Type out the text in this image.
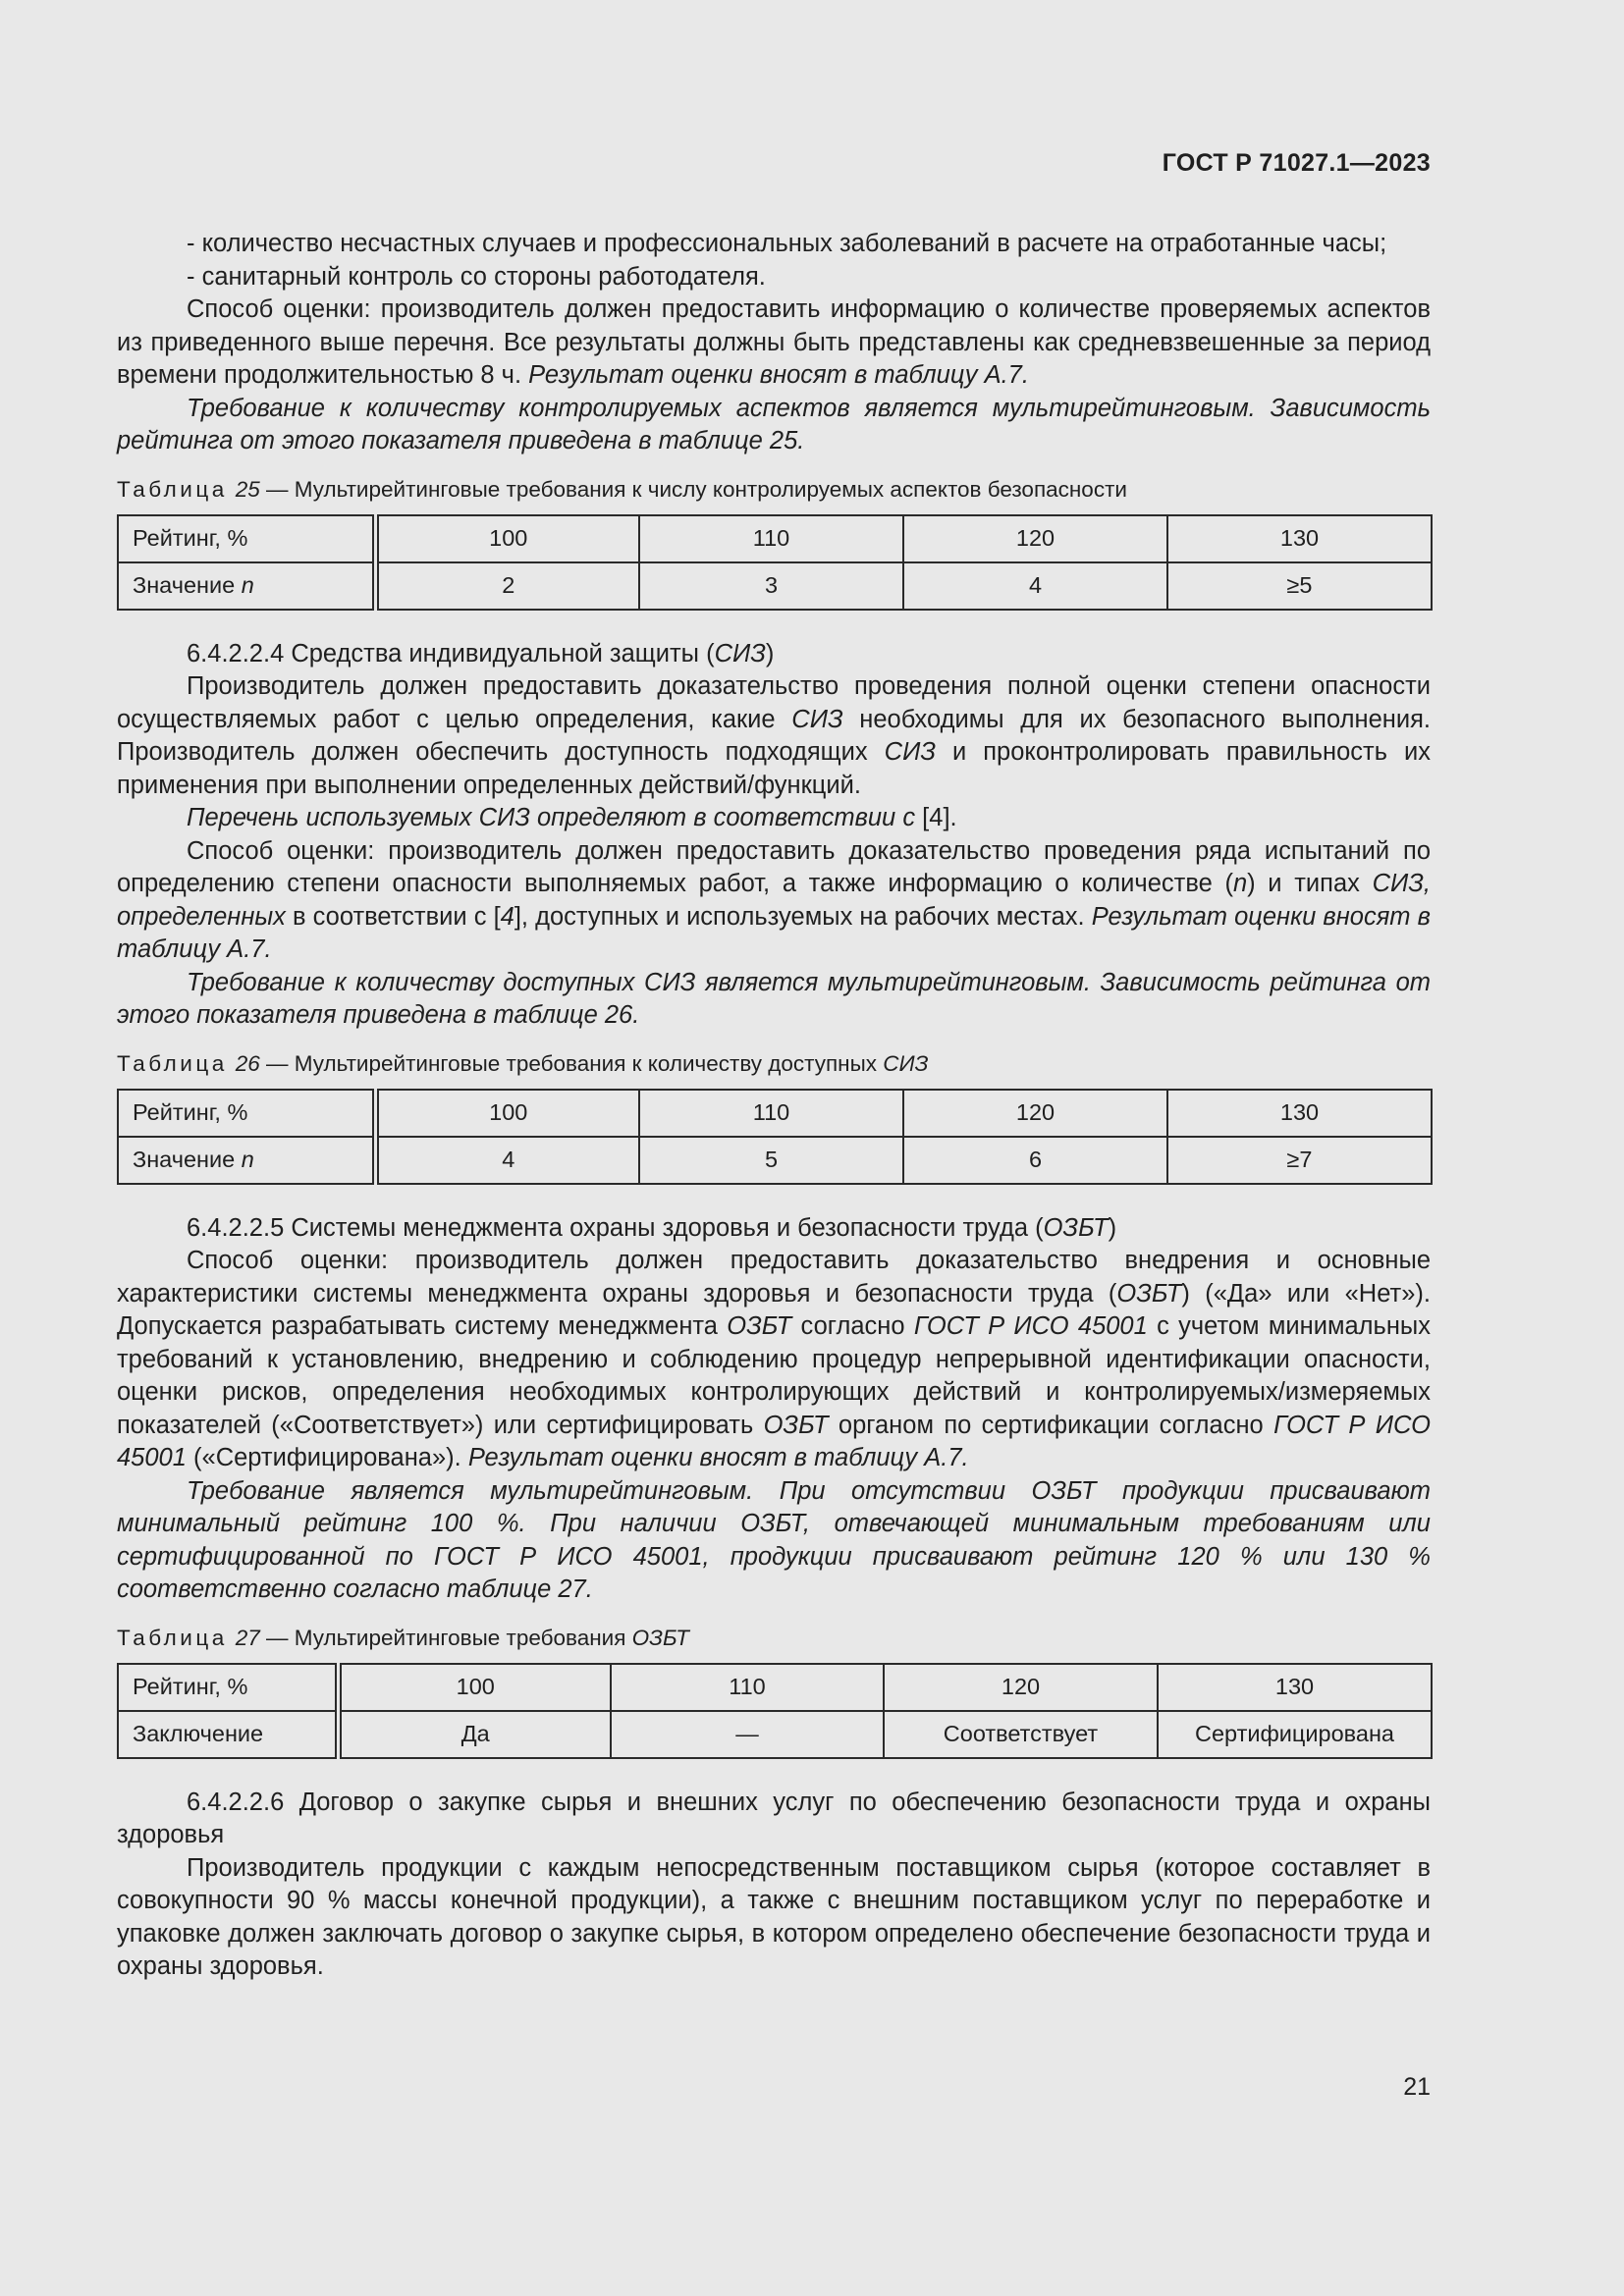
ГОСТ Р 71027.1—2023

- количество несчастных случаев и профессиональных заболеваний в расчете на отработанные часы;

- санитарный контроль со стороны работодателя.

Способ оценки: производитель должен предоставить информацию о количестве проверяемых аспектов из приведенного выше перечня. Все результаты должны быть представлены как средневзвешенные за период времени продолжительностью 8 ч. Результат оценки вносят в таблицу А.7.

Требование к количеству контролируемых аспектов является мультирейтинговым. Зависимость рейтинга от этого показателя приведена в таблице 25.

Таблица 25 — Мультирейтинговые требования к числу контролируемых аспектов безопасности

Рейтинг, %	100	110	120	130
Значение n	2	3	4	≥5

6.4.2.2.4 Средства индивидуальной защиты (СИЗ)

Производитель должен предоставить доказательство проведения полной оценки степени опасности осуществляемых работ с целью определения, какие СИЗ необходимы для их безопасного выполнения. Производитель должен обеспечить доступность подходящих СИЗ и проконтролировать правильность их применения при выполнении определенных действий/функций.

Перечень используемых СИЗ определяют в соответствии с [4].

Способ оценки: производитель должен предоставить доказательство проведения ряда испытаний по определению степени опасности выполняемых работ, а также информацию о количестве (n) и типах СИЗ, определенных в соответствии с [4], доступных и используемых на рабочих местах. Результат оценки вносят в таблицу А.7.

Требование к количеству доступных СИЗ является мультирейтинговым. Зависимость рейтинга от этого показателя приведена в таблице 26.

Таблица 26 — Мультирейтинговые требования к количеству доступных СИЗ

Рейтинг, %	100	110	120	130
Значение n	4	5	6	≥7

6.4.2.2.5 Системы менеджмента охраны здоровья и безопасности труда (ОЗБТ)

Способ оценки: производитель должен предоставить доказательство внедрения и основные характеристики системы менеджмента охраны здоровья и безопасности труда (ОЗБТ) («Да» или «Нет»). Допускается разрабатывать систему менеджмента ОЗБТ согласно ГОСТ Р ИСО 45001 с учетом минимальных требований к установлению, внедрению и соблюдению процедур непрерывной идентификации опасности, оценки рисков, определения необходимых контролирующих действий и контролируемых/измеряемых показателей («Соответствует») или сертифицировать ОЗБТ органом по сертификации согласно ГОСТ Р ИСО 45001 («Сертифицирована»). Результат оценки вносят в таблицу А.7.

Требование является мультирейтинговым. При отсутствии ОЗБТ продукции присваивают минимальный рейтинг 100 %. При наличии ОЗБТ, отвечающей минимальным требованиям или сертифицированной по ГОСТ Р ИСО 45001, продукции присваивают рейтинг 120 % или 130 % соответственно согласно таблице 27.

Таблица 27 — Мультирейтинговые требования ОЗБТ

Рейтинг, %	100	110	120	130
Заключение	Да	—	Соответствует	Сертифицирована

6.4.2.2.6 Договор о закупке сырья и внешних услуг по обеспечению безопасности труда и охраны здоровья

Производитель продукции с каждым непосредственным поставщиком сырья (которое составляет в совокупности 90 % массы конечной продукции), а также с внешним поставщиком услуг по переработке и упаковке должен заключать договор о закупке сырья, в котором определено обеспечение безопасности труда и охраны здоровья.

21
